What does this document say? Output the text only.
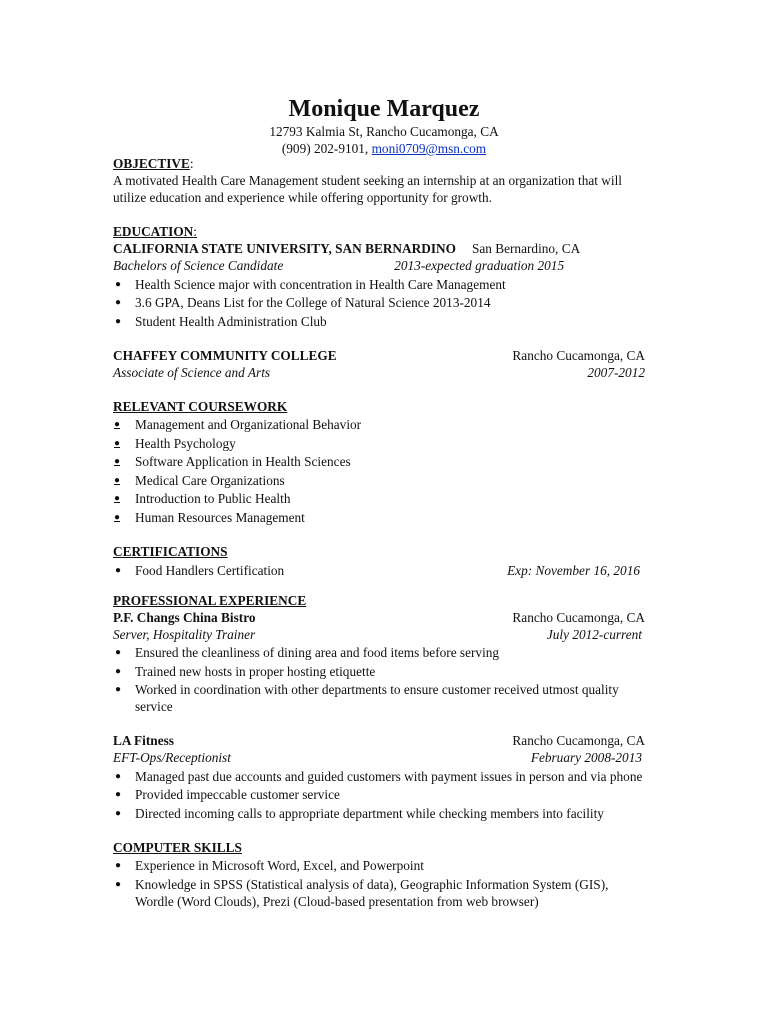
Monique Marquez
12793 Kalmia St, Rancho Cucamonga, CA
(909) 202-9101, moni0709@msn.com
OBJECTIVE:
A motivated Health Care Management student seeking an internship at an organization that will utilize education and experience while offering opportunity for growth.
EDUCATION:
CALIFORNIA STATE UNIVERSITY, SAN BERNARDINO San Bernardino, CA
Bachelors of Science Candidate	2013-expected graduation 2015
●	Health Science major with concentration in Health Care Management
●	3.6 GPA, Deans List for the College of Natural Science 2013-2014
●	Student Health Administration Club
CHAFFEY COMMUNITY COLLEGE	Rancho Cucamonga, CA
Associate of Science and Arts	2007-2012
RELEVANT COURSEWORK
●	Management and Organizational Behavior
●	Health Psychology
●	Software Application in Health Sciences
●	Medical Care Organizations
●	Introduction to Public Health
●	Human Resources Management
CERTIFICATIONS
●	Food Handlers Certification	Exp: November 16, 2016
PROFESSIONAL EXPERIENCE
P.F. Changs China Bistro	Rancho Cucamonga, CA
Server, Hospitality Trainer	July 2012-current
●	Ensured the cleanliness of dining area and food items before serving
●	Trained new hosts in proper hosting etiquette
●	Worked in coordination with other departments to ensure customer received utmost quality service
LA Fitness	Rancho Cucamonga, CA
EFT-Ops/Receptionist	February 2008-2013
●	Managed past due accounts and guided customers with payment issues in person and via phone
●	Provided impeccable customer service
●	Directed incoming calls to appropriate department while checking members into facility
COMPUTER SKILLS
●	Experience in Microsoft Word, Excel, and Powerpoint
●	Knowledge in SPSS (Statistical analysis of data), Geographic Information System (GIS), Wordle (Word Clouds), Prezi (Cloud-based presentation from web browser)
